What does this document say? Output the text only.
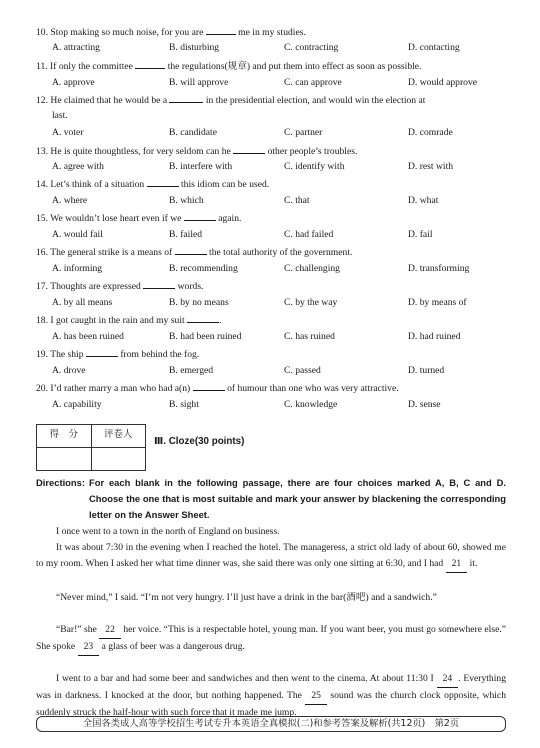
10. Stop making so much noise, for you are	me in my studies.
A. attracting	B. disturbing	C. contracting	D. contacting
11. If only the committee	the regulations(规章) and put them into effect as soon as possible.
A. approve	B. will approve	C. can approve	D. would approve
12. He claimed that he would be a	in the presidential election, and would win the election at
last.
A. voter	B. candidate	C. partner	D. comrade
13. He is quite thoughtless, for very seldom can he	other people’s troubles.
A. agree with	B. interfere with	C. identify with	D. rest with
14. Let’s think of a situation	this idiom can be used.
A. where	B. which	C. that	D. what
15. We wouldn’t lose heart even if we	again.
A. would fail	B. failed	C. had failed	D. fail
16. The general strike is a means of	the total authority of the government.
A. informing	B. recommending	C. challenging	D. transforming
17. Thoughts are expressed	words.
A. by all means	B. by no means	C. by the way	D. by means of
18. I got caught in the rain and my suit	.
A. has been ruined	B. had been ruined	C. has ruined	D. had ruined
19. The ship	from behind the fog.
A. drove	B. emerged	C. passed	D. turned
20. I’d rather marry a man who had a(n)	of humour than one who was very attractive.
A. capability	B. sight	C. knowledge	D. sense
得　分	评卷人

Ⅲ. Cloze(30 points)
Directions: For each blank in the following passage, there are four choices marked A, B, C and D. Choose the one that is most suitable and mark your answer by blackening the corresponding letter on the Answer Sheet.
I once went to a town in the north of England on business.
It was about 7:30 in the evening when I reached the hotel. The manageress, a strict old lady of about 60, showed me to my room. When I asked her what time dinner was, she said there was only one sitting at 6:30, and I had 21 it.
“Never mind,” I said. “I’m not very hungry. I’ll just have a drink in the bar(酒吧) and a sandwich.”
“Bar!” she 22 her voice. “This is a respectable hotel, young man. If you want beer, you must go somewhere else.” She spoke 23 a glass of beer was a dangerous drug.
I went to a bar and had some beer and sandwiches and then went to the cinema. At about 11:30 I 24 . Everything was in darkness. I knocked at the door, but nothing happened. The 25 sound was the church clock opposite, which suddenly struck the half-hour with such force that it made me jump.
全国各类成人高等学校招生考试专升本英语全真模拟(二)和参考答案及解析(共12页)　第2页
